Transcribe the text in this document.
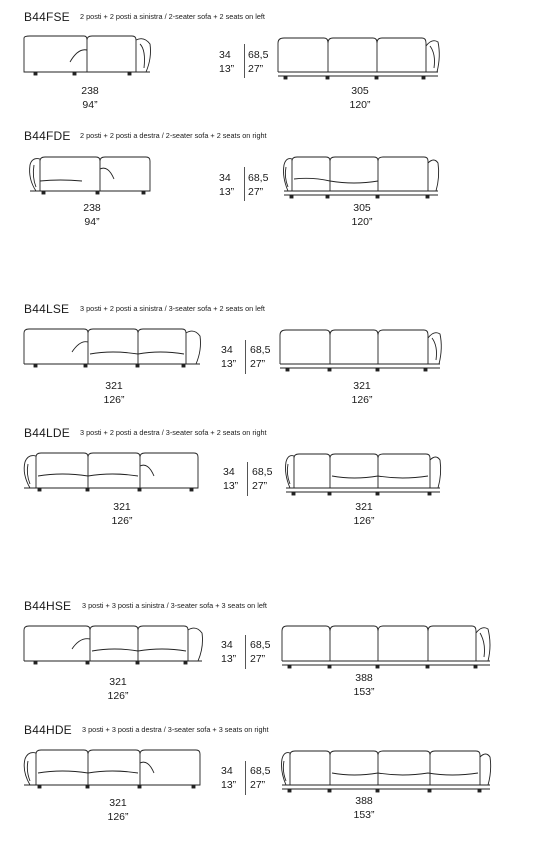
B44FSE 2 posti + 2 posti a sinistra / 2-seater sofa + 2 seats on left
34
13”
68,5
27”
238
94”
305
120”
B44FDE 2 posti + 2 posti a destra / 2-seater sofa + 2 seats on right
34
13”
68,5
27”
238
94”
305
120”
B44LSE 3 posti + 2 posti a sinistra / 3-seater sofa + 2 seats on left
34
13”
68,5
27”
321
126”
321
126”
B44LDE 3 posti + 2 posti a destra / 3-seater sofa + 2 seats on right
34
13”
68,5
27”
321
126”
321
126”
B44HSE 3 posti + 3 posti a sinistra / 3-seater sofa + 3 seats on left
34
13”
68,5
27”
321
126”
388
153”
B44HDE 3 posti + 3 posti a destra / 3-seater sofa + 3 seats on right
34
13”
68,5
27”
321
126”
388
153”
